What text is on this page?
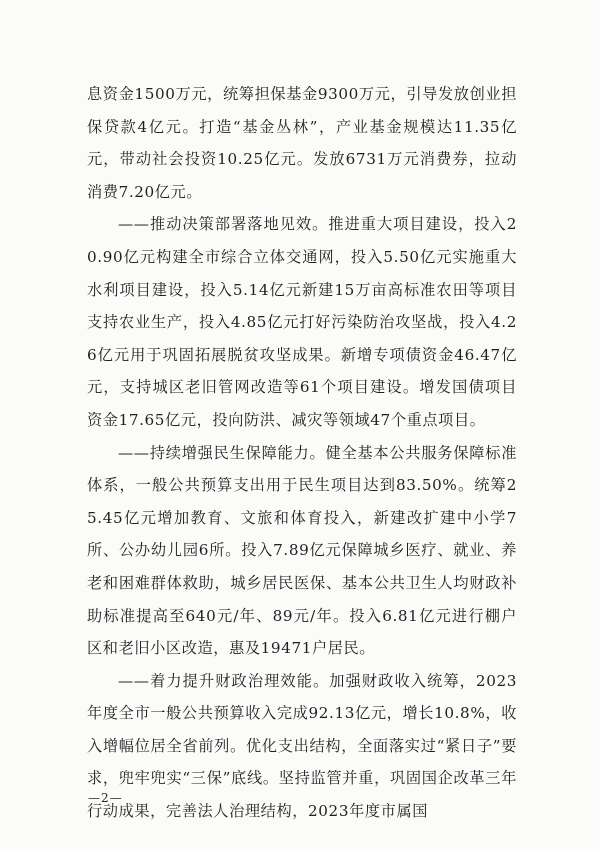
息资金1500万元，统筹担保基金9300万元，引导发放创业担保贷款4亿元。打造“基金丛林”，产业基金规模达11.35亿元，带动社会投资10.25亿元。发放6731万元消费券，拉动消费7.20亿元。

——推动决策部署落地见效。推进重大项目建设，投入20.90亿元构建全市综合立体交通网，投入5.50亿元实施重大水利项目建设，投入5.14亿元新建15万亩高标准农田等项目支持农业生产，投入4.85亿元打好污染防治攻坚战，投入4.26亿元用于巩固拓展脱贫攻坚成果。新增专项债资金46.47亿元，支持城区老旧管网改造等61个项目建设。增发国债项目资金17.65亿元，投向防洪、减灾等领域47个重点项目。

——持续增强民生保障能力。健全基本公共服务保障标准体系，一般公共预算支出用于民生项目达到83.50%。统筹25.45亿元增加教育、文旅和体育投入，新建改扩建中小学7所、公办幼儿园6所。投入7.89亿元保障城乡医疗、就业、养老和困难群体救助，城乡居民医保、基本公共卫生人均财政补助标准提高至640元/年、89元/年。投入6.81亿元进行棚户区和老旧小区改造，惠及19471户居民。

——着力提升财政治理效能。加强财政收入统筹，2023年度全市一般公共预算收入完成92.13亿元，增长10.8%，收入增幅位居全省前列。优化支出结构，全面落实过“紧日子”要求，兜牢兜实“三保”底线。坚持监管并重，巩固国企改革三年行动成果，完善法人治理结构，2023年度市属国

—2—
